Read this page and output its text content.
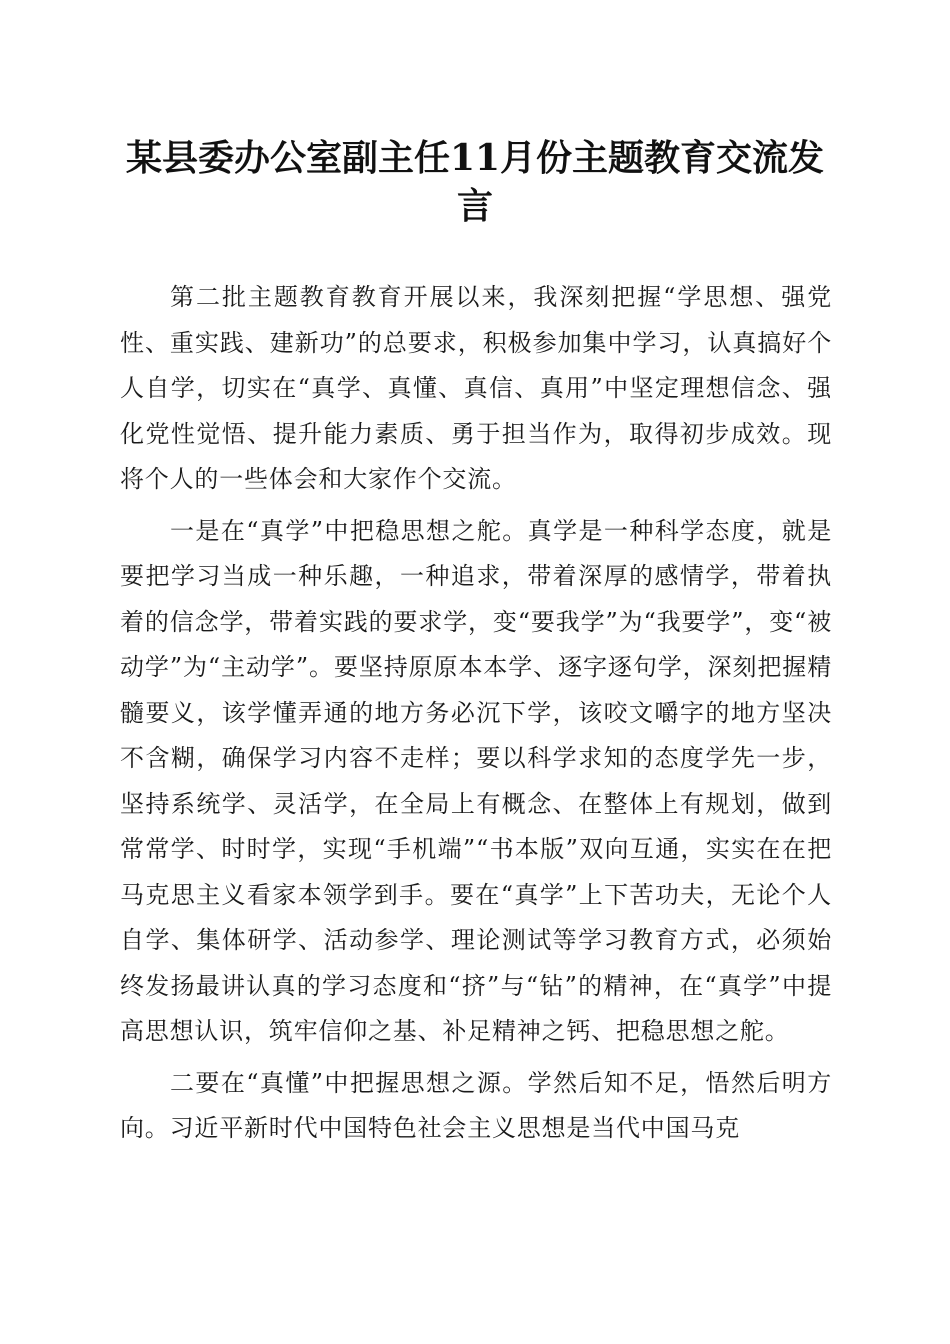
某县委办公室副主任11月份主题教育交流发言

第二批主题教育教育开展以来，我深刻把握“学思想、强党性、重实践、建新功”的总要求，积极参加集中学习，认真搞好个人自学，切实在“真学、真懂、真信、真用”中坚定理想信念、强化党性觉悟、提升能力素质、勇于担当作为，取得初步成效。现将个人的一些体会和大家作个交流。

一是在“真学”中把稳思想之舵。真学是一种科学态度，就是要把学习当成一种乐趣，一种追求，带着深厚的感情学，带着执着的信念学，带着实践的要求学，变“要我学”为“我要学”，变“被动学”为“主动学”。要坚持原原本本学、逐字逐句学，深刻把握精髓要义，该学懂弄通的地方务必沉下学，该咬文嚼字的地方坚决不含糊，确保学习内容不走样；要以科学求知的态度学先一步，坚持系统学、灵活学，在全局上有概念、在整体上有规划，做到常常学、时时学，实现“手机端”“书本版”双向互通，实实在在把马克思主义看家本领学到手。要在“真学”上下苦功夫，无论个人自学、集体研学、活动参学、理论测试等学习教育方式，必须始终发扬最讲认真的学习态度和“挤”与“钻”的精神，在“真学”中提高思想认识，筑牢信仰之基、补足精神之钙、把稳思想之舵。

二要在“真懂”中把握思想之源。学然后知不足，悟然后明方向。习近平新时代中国特色社会主义思想是当代中国马克
